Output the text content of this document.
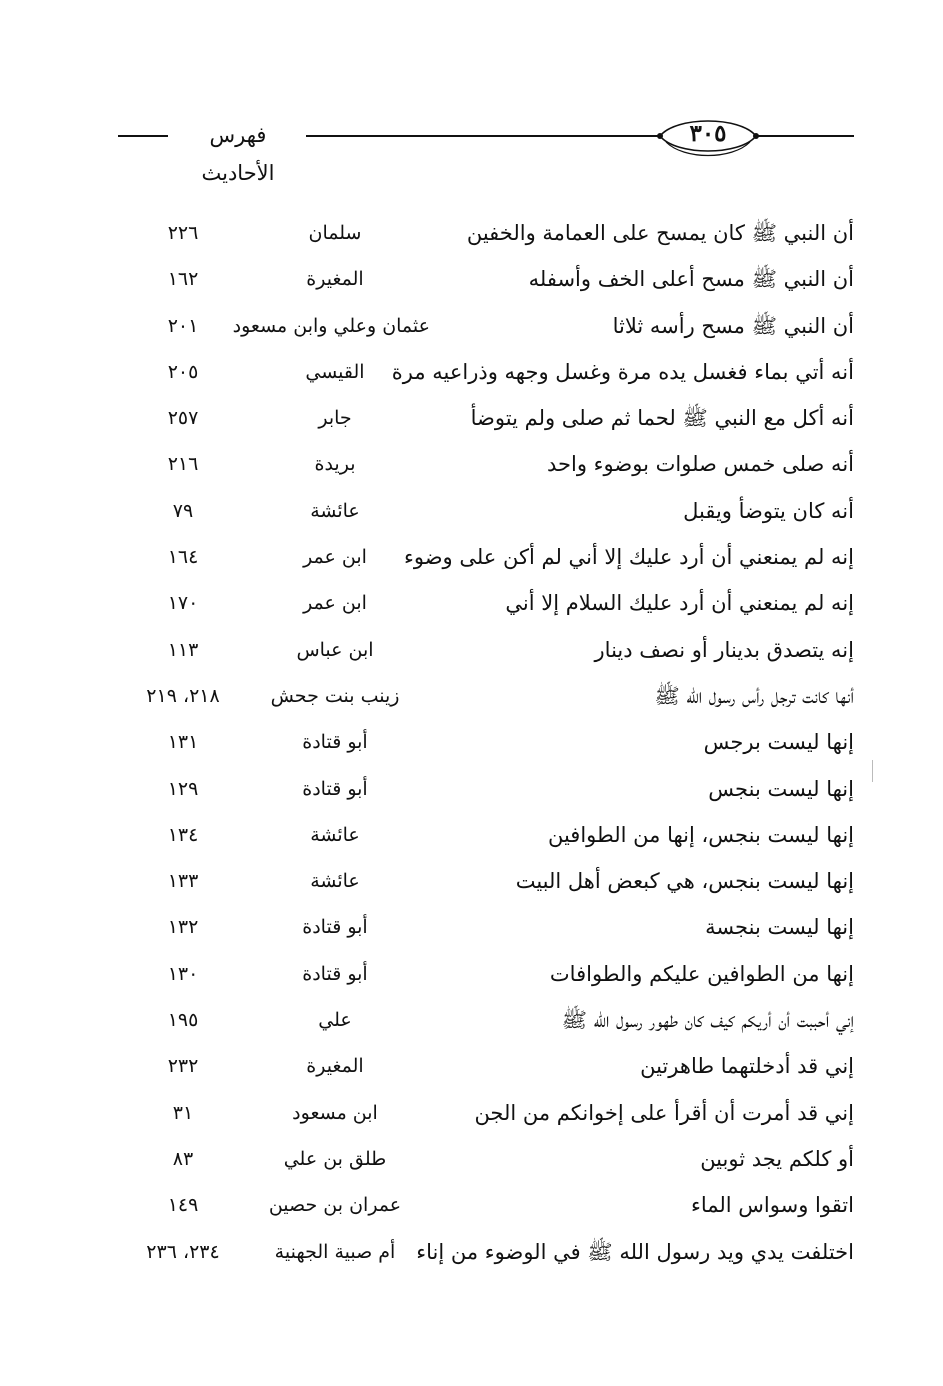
فهرس الأحاديث
٣٠٥
أن النبي ﷺ كان يمسح على العمامة والخفين
سلمان
٢٢٦
أن النبي ﷺ مسح أعلى الخف وأسفله
المغيرة
١٦٢
أن النبي ﷺ مسح رأسه ثلاثا
عثمان وعلي وابن مسعود
٢٠١
أنه أتي بماء فغسل يده مرة وغسل وجهه وذراعيه مرة
القيسي
٢٠٥
أنه أكل مع النبي ﷺ لحما ثم صلى ولم يتوضأ
جابر
٢٥٧
أنه صلى خمس صلوات بوضوء واحد
بريدة
٢١٦
أنه كان يتوضأ ويقبل
عائشة
٧٩
إنه لم يمنعني أن أرد عليك إلا أني لم أكن على وضوء
ابن عمر
١٦٤
إنه لم يمنعني أن أرد عليك السلام إلا أني
ابن عمر
١٧٠
إنه يتصدق بدينار أو نصف دينار
ابن عباس
١١٣
أنها كانت ترجل رأس رسول الله ﷺ
زينب بنت جحش
٢١٨، ٢١٩
إنها ليست برجس
أبو قتادة
١٣١
إنها ليست بنجس
أبو قتادة
١٢٩
إنها ليست بنجس، إنها من الطوافين
عائشة
١٣٤
إنها ليست بنجس، هي كبعض أهل البيت
عائشة
١٣٣
إنها ليست بنجسة
أبو قتادة
١٣٢
إنها من الطوافين عليكم والطوافات
أبو قتادة
١٣٠
إني أحببت أن أريكم كيف كان طهور رسول الله ﷺ
علي
١٩٥
إني قد أدخلتهما طاهرتين
المغيرة
٢٣٢
إني قد أمرت أن أقرأ على إخوانكم من الجن
ابن مسعود
٣١
أو كلكم يجد ثوبين
طلق بن علي
٨٣
اتقوا وسواس الماء
عمران بن حصين
١٤٩
اختلفت يدي ويد رسول الله ﷺ في الوضوء من إناء
أم صبية الجهنية
٢٣٤، ٢٣٦
